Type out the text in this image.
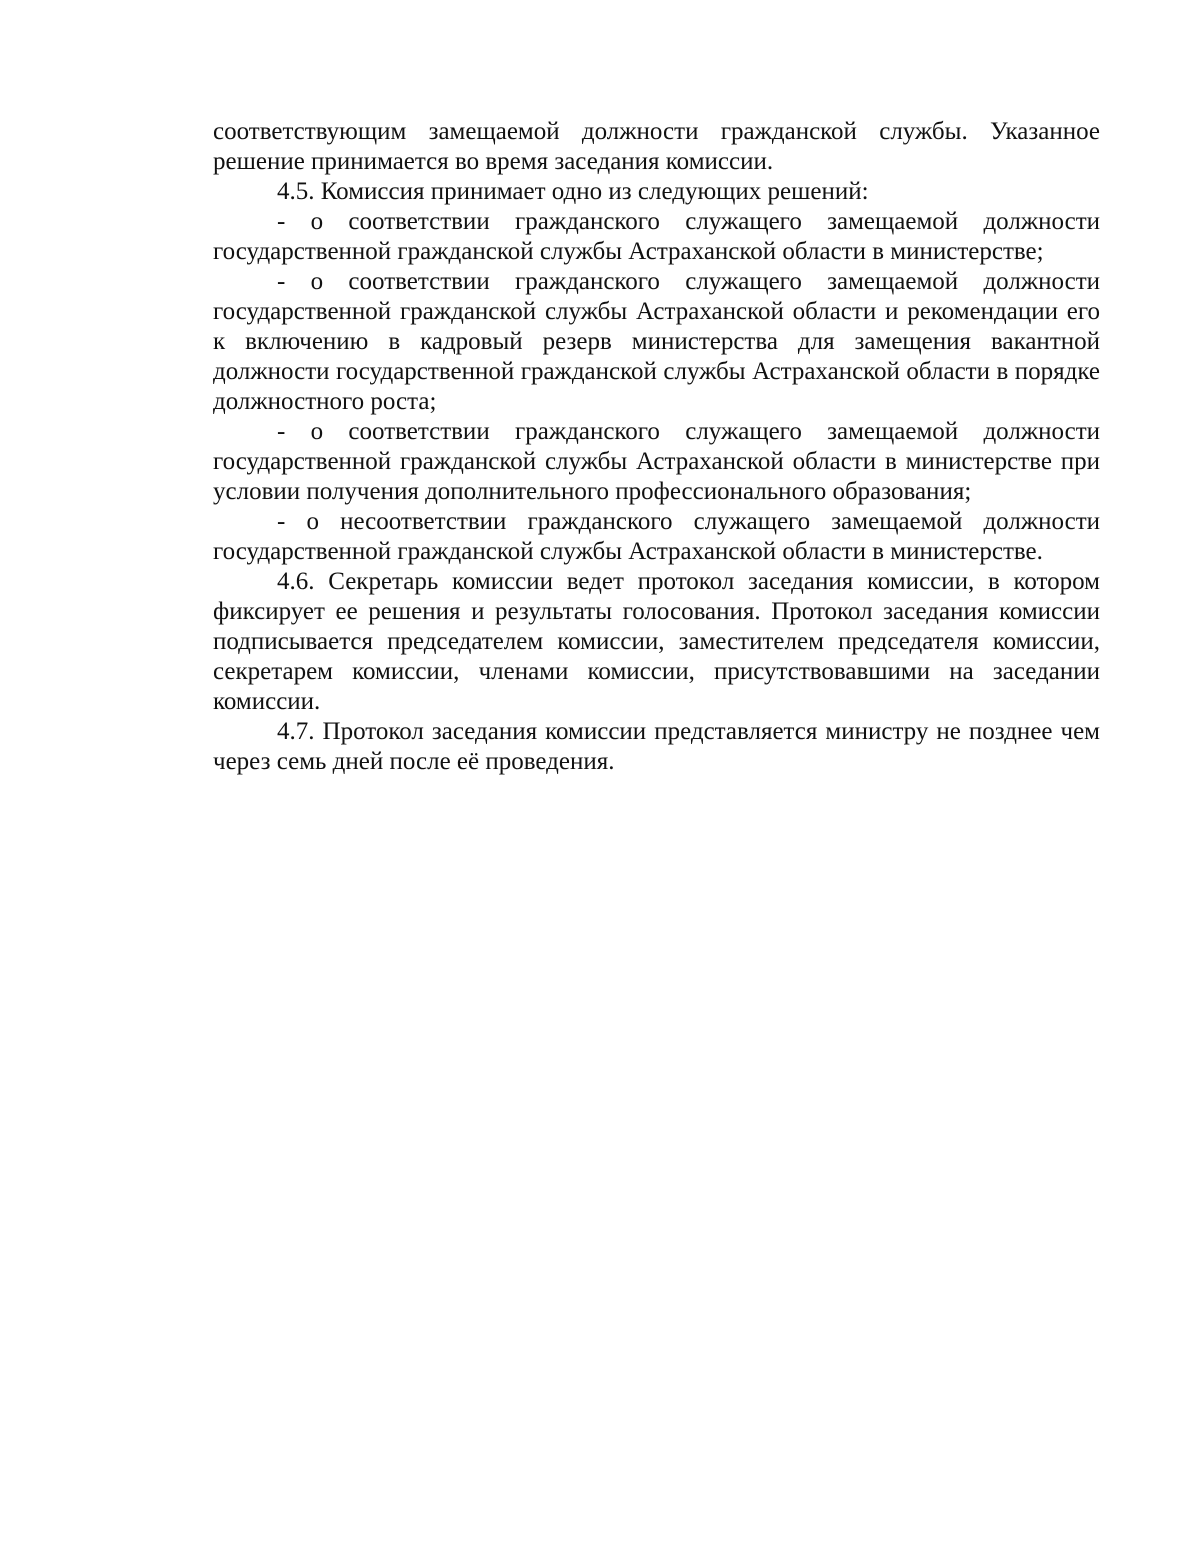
соответствующим замещаемой должности гражданской службы. Указанное решение принимается во время заседания комиссии.

4.5. Комиссия принимает одно из следующих решений:

- о соответствии гражданского служащего замещаемой должности государственной гражданской службы Астраханской области в министерстве;

- о соответствии гражданского служащего замещаемой должности государственной гражданской службы Астраханской области и рекомендации его к включению в кадровый резерв министерства для замещения вакантной должности государственной гражданской службы Астраханской области в порядке должностного роста;

- о соответствии гражданского служащего замещаемой должности государственной гражданской службы Астраханской области в министерстве при условии получения дополнительного профессионального образования;

- о несоответствии гражданского служащего замещаемой должности государственной гражданской службы Астраханской области в министерстве.

4.6. Секретарь комиссии ведет протокол заседания комиссии, в котором фиксирует ее решения и результаты голосования. Протокол заседания комиссии подписывается председателем комиссии, заместителем председателя комиссии, секретарем комиссии, членами комиссии, присутствовавшими на заседании комиссии.

4.7. Протокол заседания комиссии представляется министру не позднее чем через семь дней после её проведения.
